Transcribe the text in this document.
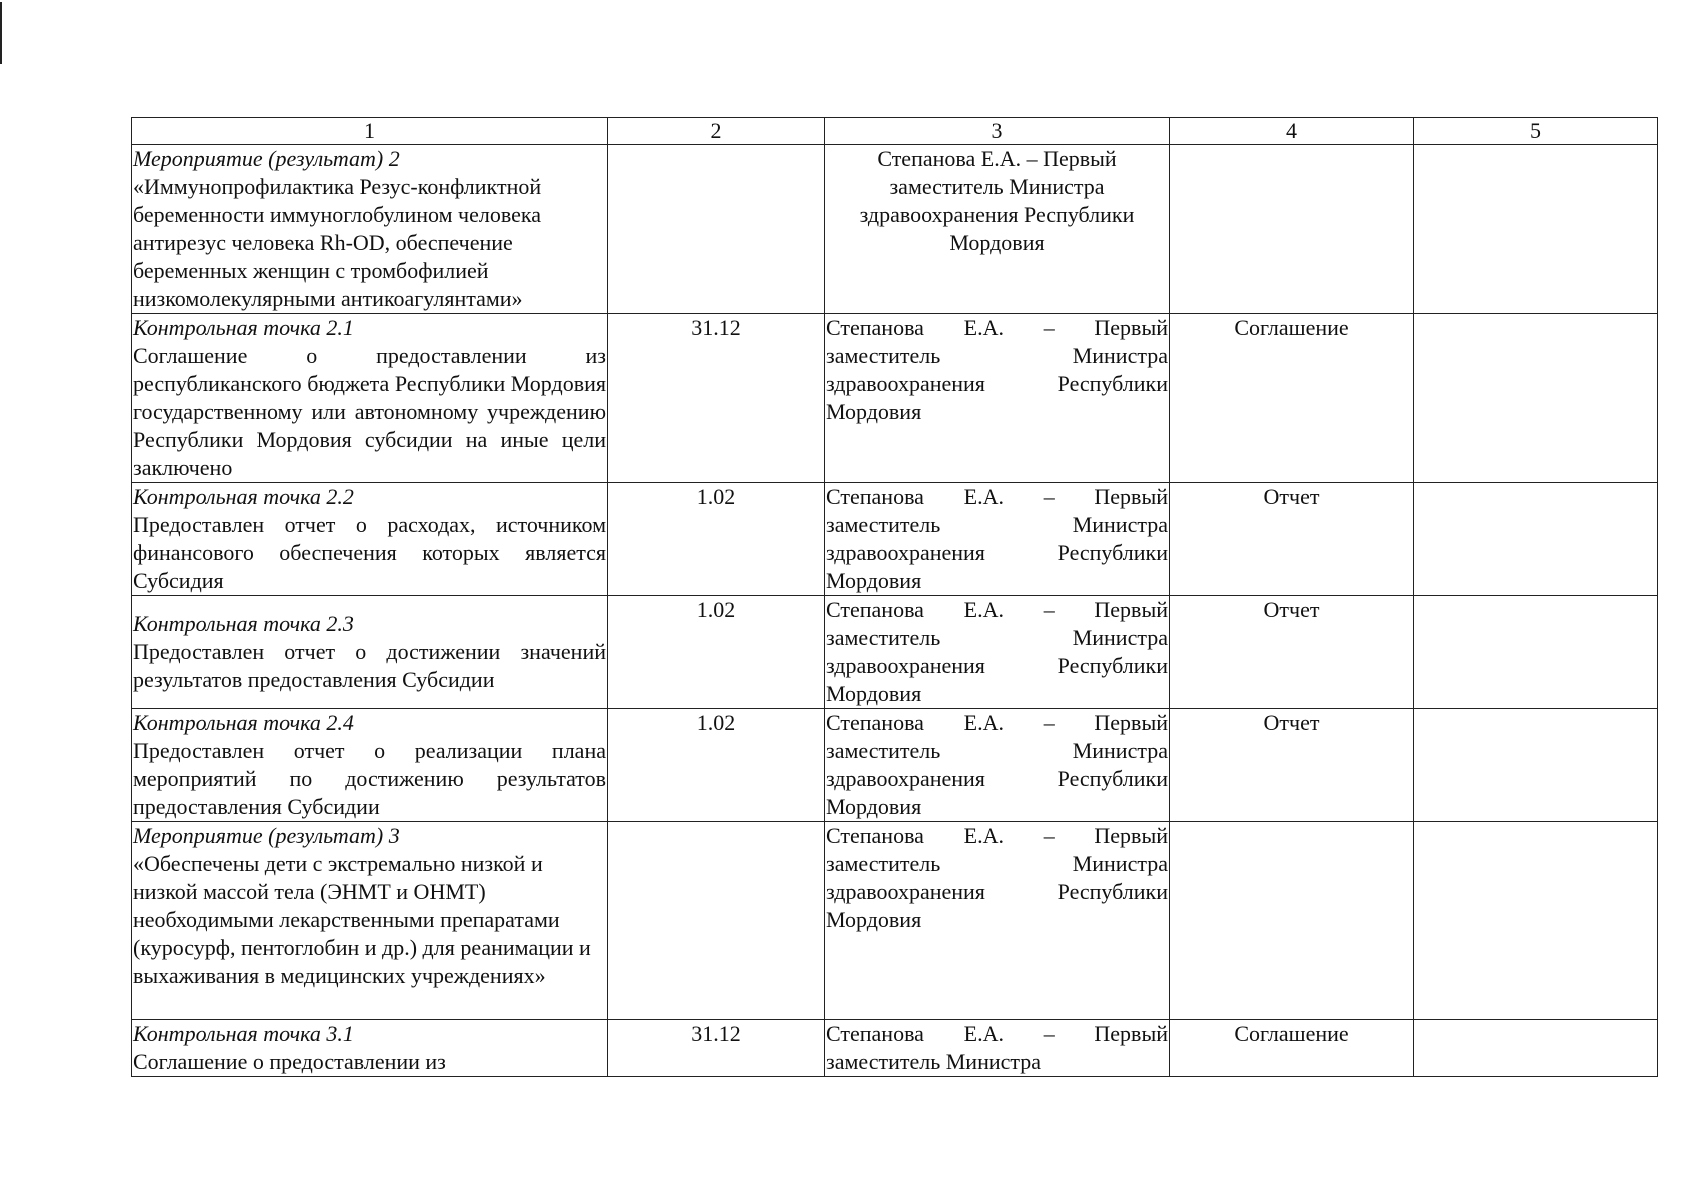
1	2	3	4	5

Мероприятие (результат) 2
«Иммунопрофилактика Резус-конфликтной беременности иммуноглобулином человека антирезус человека Rh-OD, обеспечение беременных женщин с тромбофилией низкомолекулярными антикоагулянтами»		Степанова Е.А. – Первый заместитель Министра здравоохранения Республики Мордовия		

Контрольная точка 2.1
Соглашение о предоставлении из республиканского бюджета Республики Мордовия государственному или автономному учреждению Республики Мордовия субсидии на иные цели заключено	31.12	Степанова Е.А. – Первый заместитель Министра здравоохранения Республики Мордовия	Соглашение	

Контрольная точка 2.2
Предоставлен отчет о расходах, источником финансового обеспечения которых является Субсидия	1.02	Степанова Е.А. – Первый заместитель Министра здравоохранения Республики Мордовия	Отчет	

Контрольная точка 2.3
Предоставлен отчет о достижении значений результатов предоставления Субсидии	1.02	Степанова Е.А. – Первый заместитель Министра здравоохранения Республики Мордовия	Отчет	

Контрольная точка 2.4
Предоставлен отчет о реализации плана мероприятий по достижению результатов предоставления Субсидии	1.02	Степанова Е.А. – Первый заместитель Министра здравоохранения Республики Мордовия	Отчет	

Мероприятие (результат) 3
«Обеспечены дети с экстремально низкой и низкой массой тела (ЭНМТ и ОНМТ) необходимыми лекарственными препаратами (куросурф, пентоглобин и др.) для реанимации и выхаживания в медицинских учреждениях»		Степанова Е.А. – Первый заместитель Министра здравоохранения Республики Мордовия		

Контрольная точка 3.1
Соглашение о предоставлении из	31.12	Степанова Е.А. – Первый заместитель Министра	Соглашение	
